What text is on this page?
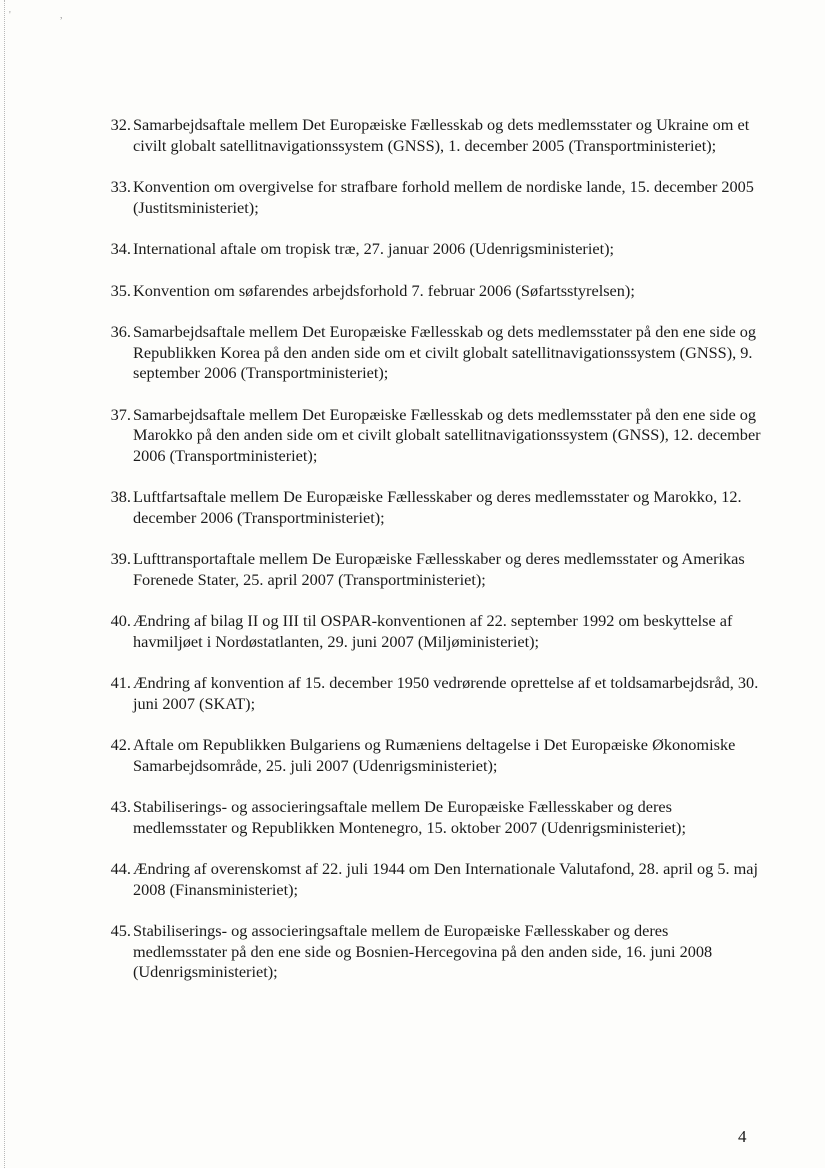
'	,
32. Samarbejdsaftale mellem Det Europæiske Fællesskab og dets medlemsstater og Ukraine om et civilt globalt satellitnavigationssystem (GNSS), 1. december 2005 (Transportministeriet);
33. Konvention om overgivelse for strafbare forhold mellem de nordiske lande, 15. december 2005 (Justitsministeriet);
34. International aftale om tropisk træ, 27. januar 2006 (Udenrigsministeriet);
35. Konvention om søfarendes arbejdsforhold 7. februar 2006 (Søfartsstyrelsen);
36. Samarbejdsaftale mellem Det Europæiske Fællesskab og dets medlemsstater på den ene side og Republikken Korea på den anden side om et civilt globalt satellitnavigationssystem (GNSS), 9. september 2006 (Transportministeriet);
37. Samarbejdsaftale mellem Det Europæiske Fællesskab og dets medlemsstater på den ene side og Marokko på den anden side om et civilt globalt satellitnavigationssystem (GNSS), 12. december 2006 (Transportministeriet);
38. Luftfartsaftale mellem De Europæiske Fællesskaber og deres medlemsstater og Marokko, 12. december 2006 (Transportministeriet);
39. Lufttransportaftale mellem De Europæiske Fællesskaber og deres medlemsstater og Amerikas Forenede Stater, 25. april 2007 (Transportministeriet);
40. Ændring af bilag II og III til OSPAR-konventionen af 22. september 1992 om beskyttelse af havmiljøet i Nordøstatlanten, 29. juni 2007 (Miljøministeriet);
41. Ændring af konvention af 15. december 1950 vedrørende oprettelse af et toldsamarbejdsråd, 30. juni 2007 (SKAT);
42. Aftale om Republikken Bulgariens og Rumæniens deltagelse i Det Europæiske Økonomiske Samarbejdsområde, 25. juli 2007 (Udenrigsministeriet);
43. Stabiliserings- og associeringsaftale mellem De Europæiske Fællesskaber og deres medlemsstater og Republikken Montenegro, 15. oktober 2007 (Udenrigsministeriet);
44. Ændring af overenskomst af 22. juli 1944 om Den Internationale Valutafond, 28. april og 5. maj 2008 (Finansministeriet);
45. Stabiliserings- og associeringsaftale mellem de Europæiske Fællesskaber og deres medlemsstater på den ene side og Bosnien-Hercegovina på den anden side, 16. juni 2008 (Udenrigsministeriet);
4
